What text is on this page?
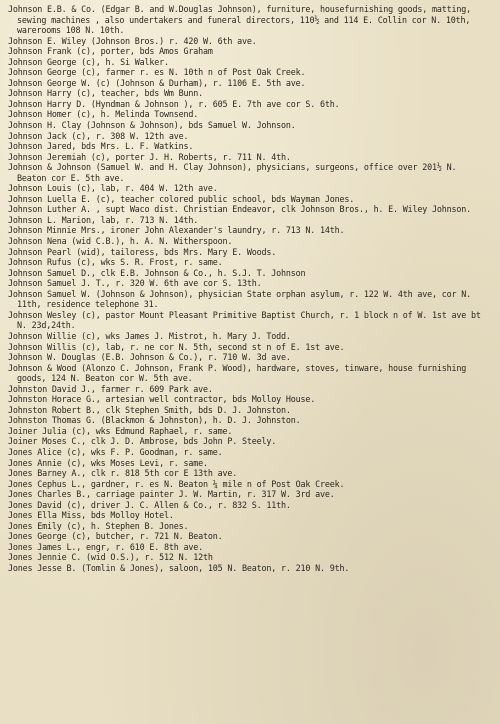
Johnson E.B. & Co. (Edgar B. and W.Douglas Johnson), furniture, housefurnishing goods, matting, sewing machines , also undertakers and funeral directors, 110½ and 114 E. Collin cor N. 10th, warerooms 108 N. 10th.
Johnson E. Wiley (Johnson Bros.) r. 420 W. 6th ave.
Johnson Frank (c), porter, bds Amos Graham
Johnson George (c), h. Si Walker.
Johnson George (c), farmer r. es N. 10th n of Post Oak Creek.
Johnson George W. (c) (Johnson & Durham), r. 1106 E. 5th ave.
Johnson Harry (c), teacher, bds Wm Bunn.
Johnson Harry D. (Hyndman & Johnson ), r. 605 E. 7th ave cor S. 6th.
Johnson Homer (c), h. Melinda Townsend.
Johnson H. Clay (Johnson & Johnson), bds Samuel W. Johnson.
Johnson Jack (c), r. 308 W. 12th ave.
Johnson Jared, bds Mrs. L. F. Watkins.
Johnson Jeremiah (c), porter J. H. Roberts, r. 711 N. 4th.
Johnson & Johnson (Samuel W. and H. Clay Johnson), physicians, surgeons, office over 201½ N. Beaton cor E. 5th ave.
Johnson Louis (c), lab, r. 404 W. 12th ave.
Johnson Luella E. (c), teacher colored public school, bds Wayman Jones.
Johnson Luther A. , supt Waco dist. Christian Endeavor, clk Johnson Bros., h. E. Wiley Johnson.
Johnson L. Marion, lab, r. 713 N. 14th.
Johnson Minnie Mrs., ironer John Alexander's laundry, r. 713 N. 14th.
Johnson Nena (wid C.B.), h. A. N. Witherspoon.
Johnson Pearl (wid), tailoress, bds Mrs. Mary E. Woods.
Johnson Rufus (c), wks S. R. Frost, r. same.
Johnson Samuel D., clk E.B. Johnson & Co., h. S.J. T. Johnson
Johnson Samuel J. T., r. 320 W. 6th ave cor S. 13th.
Johnson Samuel W. (Johnson & Johnson), physician State orphan asylum, r. 122 W. 4th ave, cor N. 11th, residence telephone 31.
Johnson Wesley (c), pastor Mount Pleasant Primitive Baptist Church, r. 1 block n of W. 1st ave bt N. 23d,24th.
Johnson Willie (c), wks James J. Mistrot, h. Mary J. Todd.
Johnson Willis (c), lab, r. ne cor N. 5th, second st n of E. 1st ave.
Johnson W. Douglas (E.B. Johnson & Co.), r. 710 W. 3d ave.
Johnson & Wood (Alonzo C. Johnson, Frank P. Wood), hardware, stoves, tinware, house furnishing goods, 124 N. Beaton cor W. 5th ave.
Johnston David J., farmer r. 609 Park ave.
Johnston Horace G., artesian well contractor, bds Molloy House.
Johnston Robert B., clk Stephen Smith, bds D. J. Johnston.
Johnston Thomas G. (Blackmon & Johnston), h. D. J. Johnston.
Joiner Julia (c), wks Edmund Raphael, r. same.
Joiner Moses C., clk J. D. Ambrose, bds John P. Steely.
Jones Alice (c), wks F. P. Goodman, r. same.
Jones Annie (c), wks Moses Levi, r. same.
Jones Barney A., clk r. 818 5th cor E 13th ave.
Jones Cephus L., gardner, r. es N. Beaton ¼ mile n of Post Oak Creek.
Jones Charles B., carriage painter J. W. Martin, r. 317 W. 3rd ave.
Jones David (c), driver J. C. Allen & Co., r. 832 S. 11th.
Jones Ella Miss, bds Molloy Hotel.
Jones Emily (c), h. Stephen B. Jones.
Jones George (c), butcher, r. 721 N. Beaton.
Jones James L., engr, r. 610 E. 8th ave.
Jones Jennie C. (wid O.S.), r. 512 N. 12th
Jones Jesse B. (Tomlin & Jones), saloon, 105 N. Beaton, r. 210 N. 9th.
